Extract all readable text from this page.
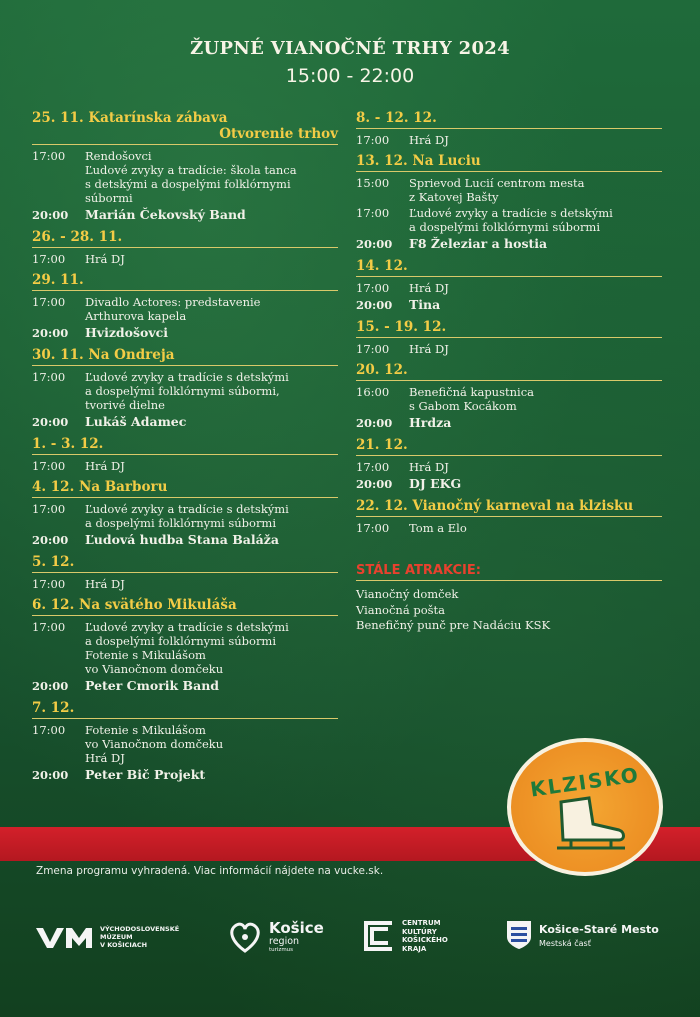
ŽUPNÉ VIANOČNÉ TRHY 2024
15:00 - 22:00
25. 11. Katarínska zábava
Otvorenie trhov
17:00	Rendošovci
Ľudové zvyky a tradície: škola tanca
s detskými a dospelými folklórnymi
súbormi
20:00	Marián Čekovský Band
26. - 28. 11.
17:00	Hrá DJ
29. 11.
17:00	Divadlo Actores: predstavenie
Arthurova kapela
20:00	Hvizdošovci
30. 11. Na Ondreja
17:00	Ľudové zvyky a tradície s detskými
a dospelými folklórnymi súbormi,
tvorivé dielne
20:00	Lukáš Adamec
1. - 3. 12.
17:00	Hrá DJ
4. 12. Na Barboru
17:00	Ľudové zvyky a tradície s detskými
a dospelými folklórnymi súbormi
20:00	Ľudová hudba Stana Baláža
5. 12.
17:00	Hrá DJ
6. 12. Na svätého Mikuláša
17:00	Ľudové zvyky a tradície s detskými
a dospelými folklórnymi súbormi
Fotenie s Mikulášom
vo Vianočnom domčeku
20:00	Peter Cmorik Band
7. 12.
17:00	Fotenie s Mikulášom
vo Vianočnom domčeku
Hrá DJ
20:00	Peter Bič Projekt
8. - 12. 12.
17:00	Hrá DJ
13. 12. Na Luciu
15:00	Sprievod Lucií centrom mesta
z Katovej Bašty
17:00	Ľudové zvyky a tradície s detskými
a dospelými folklórnymi súbormi
20:00	F8 Železiar a hostia
14. 12.
17:00	Hrá DJ
20:00	Tina
15. - 19. 12.
17:00	Hrá DJ
20. 12.
16:00	Benefičná kapustnica
s Gabom Kocákom
20:00	Hrdza
21. 12.
17:00	Hrá DJ
20:00	DJ EKG
22. 12. Vianočný karneval na klzisku
17:00	Tom a Elo
STÁLE ATRAKCIE:
Vianočný domček
Vianočná pošta
Benefičný punč pre Nadáciu KSK
KLZISKO
Zmena programu vyhradená. Viac informácií nájdete na vucke.sk.
VÝCHODOSLOVENSKÉ
MÚZEUM
V KOŠICIACH
Košice
region
turizmus
CENTRUM
KULTÚRY
KOŠICKÉHO
KRAJA
Košice-Staré Mesto
Mestská časť
